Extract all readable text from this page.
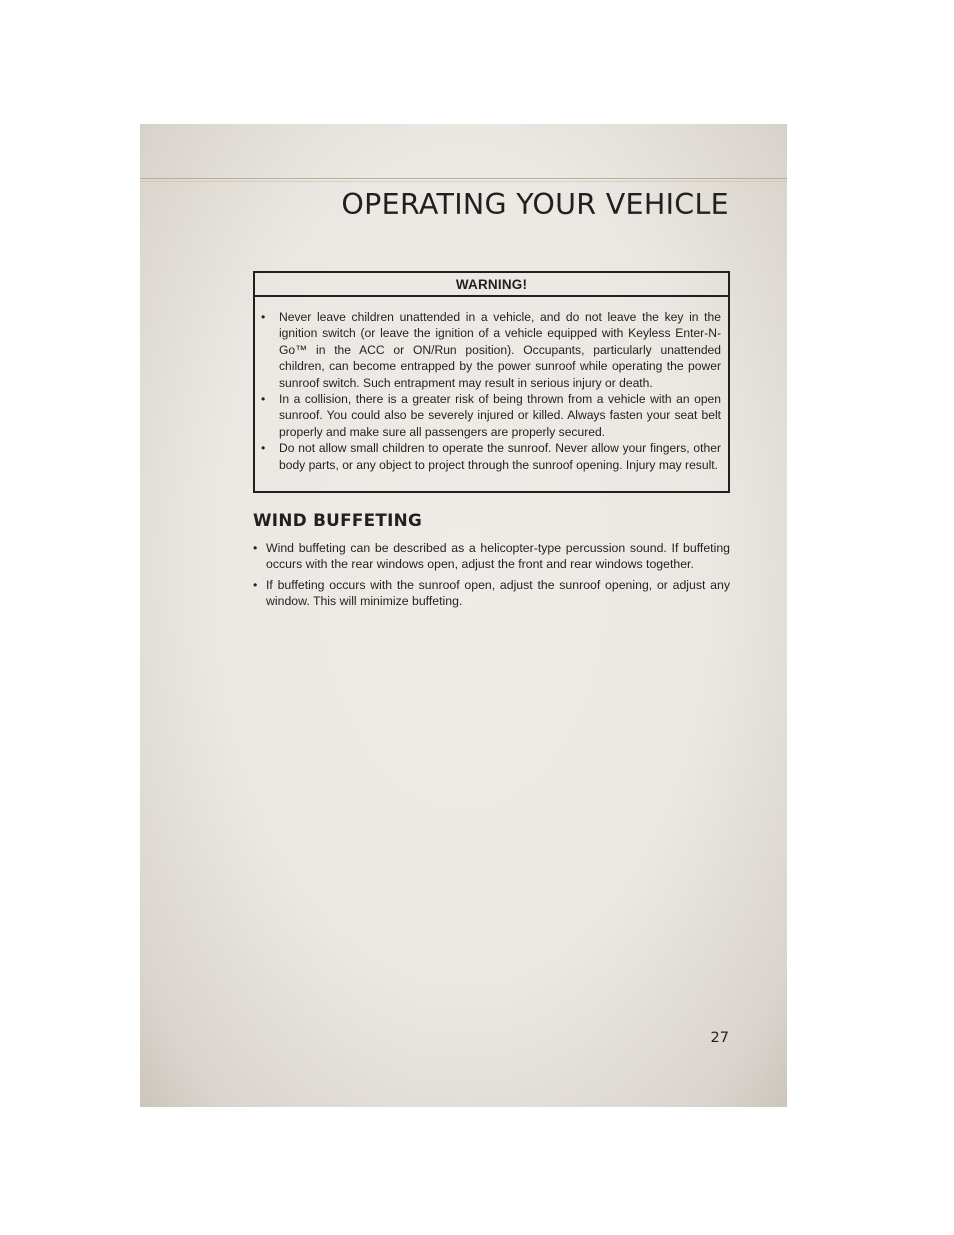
OPERATING YOUR VEHICLE
WARNING!
• Never leave children unattended in a vehicle, and do not leave the key in the ignition switch (or leave the ignition of a vehicle equipped with Keyless Enter-N-Go™ in the ACC or ON/Run position). Occupants, particularly unattended children, can become entrapped by the power sunroof while operating the power sunroof switch. Such entrapment may result in serious injury or death.
• In a collision, there is a greater risk of being thrown from a vehicle with an open sunroof. You could also be severely injured or killed. Always fasten your seat belt properly and make sure all passengers are properly secured.
• Do not allow small children to operate the sunroof. Never allow your fingers, other body parts, or any object to project through the sunroof opening. Injury may result.
WIND BUFFETING
• Wind buffeting can be described as a helicopter-type percussion sound. If buffeting occurs with the rear windows open, adjust the front and rear windows together.
• If buffeting occurs with the sunroof open, adjust the sunroof opening, or adjust any window. This will minimize buffeting.
27
